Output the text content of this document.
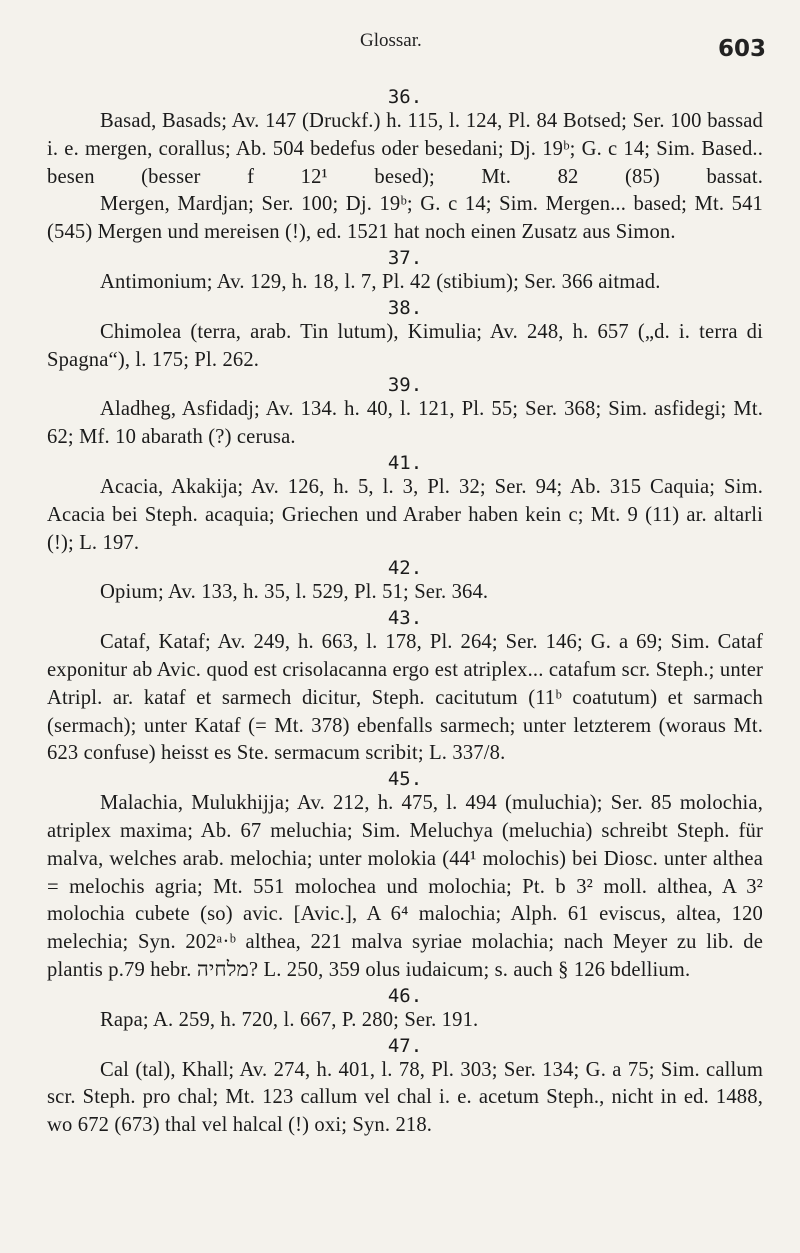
Glossar.	603
36.

Basad, Basads; Av. 147 (Druckf.) h. 115, l. 124, Pl. 84 Botsed; Ser. 100 bassad i. e. mergen, corallus; Ab. 504 bedefus oder besedani; Dj. 19ᵇ; G. c 14; Sim. Based.. besen (besser f 12¹ besed); Mt. 82 (85) bassat.

Mergen, Mardjan; Ser. 100; Dj. 19ᵇ; G. c 14; Sim. Mergen... based; Mt. 541 (545) Mergen und mereisen (!), ed. 1521 hat noch einen Zusatz aus Simon.

37.

Antimonium; Av. 129, h. 18, l. 7, Pl. 42 (stibium); Ser. 366 aitmad.

38.

Chimolea (terra, arab. Tin lutum), Kimulia; Av. 248, h. 657 („d. i. terra di Spagna“), l. 175; Pl. 262.

39.

Aladheg, Asfidadj; Av. 134. h. 40, l. 121, Pl. 55; Ser. 368; Sim. asfidegi; Mt. 62; Mf. 10 abarath (?) cerusa.

41.

Acacia, Akakija; Av. 126, h. 5, l. 3, Pl. 32; Ser. 94; Ab. 315 Caquia; Sim. Acacia bei Steph. acaquia; Griechen und Araber haben kein c; Mt. 9 (11) ar. altarli (!); L. 197.

42.

Opium; Av. 133, h. 35, l. 529, Pl. 51; Ser. 364.

43.

Cataf, Kataf; Av. 249, h. 663, l. 178, Pl. 264; Ser. 146; G. a 69; Sim. Cataf exponitur ab Avic. quod est crisolacanna ergo est atriplex... catafum scr. Steph.; unter Atripl. ar. kataf et sarmech dicitur, Steph. cacitutum (11ᵇ coatutum) et sarmach (sermach); unter Kataf (= Mt. 378) ebenfalls sarmech; unter letzterem (woraus Mt. 623 confuse) heisst es Ste. sermacum scribit; L. 337/8.

45.

Malachia, Mulukhijja; Av. 212, h. 475, l. 494 (muluchia); Ser. 85 molochia, atriplex maxima; Ab. 67 meluchia; Sim. Meluchya (meluchia) schreibt Steph. für malva, welches arab. melochia; unter molokia (44¹ molochis) bei Diosc. unter althea = melochis agria; Mt. 551 molochea und molochia; Pt. b 3² moll. althea, A 3² molochia cubete (so) avic. [Avic.], A 6⁴ malochia; Alph. 61 eviscus, altea, 120 melechia; Syn. 202ᵃ·ᵇ althea, 221 malva syriae molachia; nach Meyer zu lib. de plantis p.79 hebr. מלחיה? L. 250, 359 olus iudaicum; s. auch § 126 bdellium.

46.

Rapa; A. 259, h. 720, l. 667, P. 280; Ser. 191.

47.

Cal (tal), Khall; Av. 274, h. 401, l. 78, Pl. 303; Ser. 134; G. a 75; Sim. callum scr. Steph. pro chal; Mt. 123 callum vel chal i. e. acetum Steph., nicht in ed. 1488, wo 672 (673) thal vel halcal (!) oxi; Syn. 218.
